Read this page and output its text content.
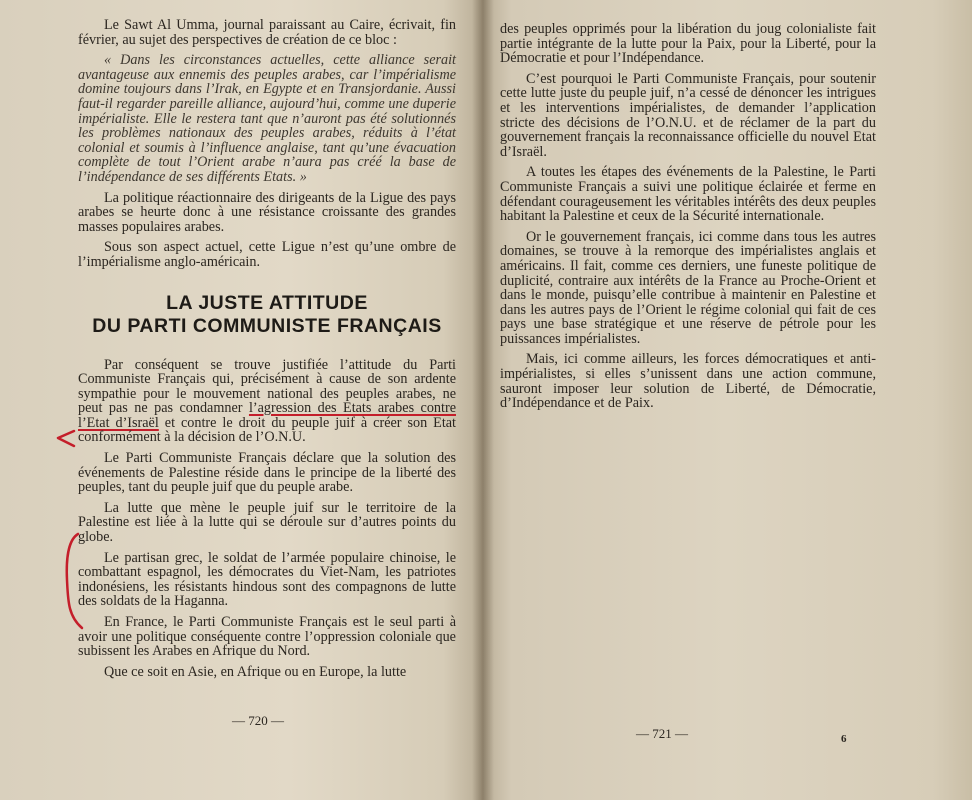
Le Sawt Al Umma, journal paraissant au Caire, écrivait, fin février, au sujet des perspectives de création de ce bloc :

« Dans les circonstances actuelles, cette alliance serait avantageuse aux ennemis des peuples arabes, car l’impérialisme domine toujours dans l’Irak, en Egypte et en Transjordanie. Aussi faut-il regarder pareille alliance, aujourd’hui, comme une duperie impérialiste. Elle le restera tant que n’auront pas été solutionnés les problèmes nationaux des peuples arabes, réduits à l’état colonial et soumis à l’influence anglaise, tant qu’une évacuation complète de tout l’Orient arabe n’aura pas créé la base de l’indépendance de ses différents Etats. »

La politique réactionnaire des dirigeants de la Ligue des pays arabes se heurte donc à une résistance croissante des grandes masses populaires arabes.

Sous son aspect actuel, cette Ligue n’est qu’une ombre de l’impérialisme anglo-américain.

LA JUSTE ATTITUDE
DU PARTI COMMUNISTE FRANÇAIS

Par conséquent se trouve justifiée l’attitude du Parti Communiste Français qui, précisément à cause de son ardente sympathie pour le mouvement national des peuples arabes, ne peut pas ne pas condamner l’agression des Etats arabes contre l’Etat d’Israël et contre le droit du peuple juif à créer son Etat conformément à la décision de l’O.N.U.

Le Parti Communiste Français déclare que la solution des événements de Palestine réside dans le principe de la liberté des peuples, tant du peuple juif que du peuple arabe.

La lutte que mène le peuple juif sur le territoire de la Palestine est liée à la lutte qui se déroule sur d’autres points du globe.

Le partisan grec, le soldat de l’armée populaire chinoise, le combattant espagnol, les démocrates du Viet-Nam, les patriotes indonésiens, les résistants hindous sont des compagnons de lutte des soldats de la Haganna.

En France, le Parti Communiste Français est le seul parti à avoir une politique conséquente contre l’oppression coloniale que subissent les Arabes en Afrique du Nord.

Que ce soit en Asie, en Afrique ou en Europe, la lutte

des peuples opprimés pour la libération du joug colonialiste fait partie intégrante de la lutte pour la Paix, pour la Liberté, pour la Démocratie et pour l’Indépendance.

C’est pourquoi le Parti Communiste Français, pour soutenir cette lutte juste du peuple juif, n’a cessé de dénoncer les intrigues et les interventions impérialistes, de demander l’application stricte des décisions de l’O.N.U. et de réclamer de la part du gouvernement français la reconnaissance officielle du nouvel Etat d’Israël.

A toutes les étapes des événements de la Palestine, le Parti Communiste Français a suivi une politique éclairée et ferme en défendant courageusement les véritables intérêts des deux peuples habitant la Palestine et ceux de la Sécurité internationale.

Or le gouvernement français, ici comme dans tous les autres domaines, se trouve à la remorque des impérialistes anglais et américains. Il fait, comme ces derniers, une funeste politique de duplicité, contraire aux intérêts de la France au Proche-Orient et dans le monde, puisqu’elle contribue à maintenir en Palestine et dans les autres pays de l’Orient le régime colonial qui fait de ces pays une base stratégique et une réserve de pétrole pour les puissances impérialistes.

Mais, ici comme ailleurs, les forces démocratiques et anti-impérialistes, si elles s’unissent dans une action commune, sauront imposer leur solution de Liberté, de Démocratie, d’Indépendance et de Paix.

— 720 —
— 721 —	6
